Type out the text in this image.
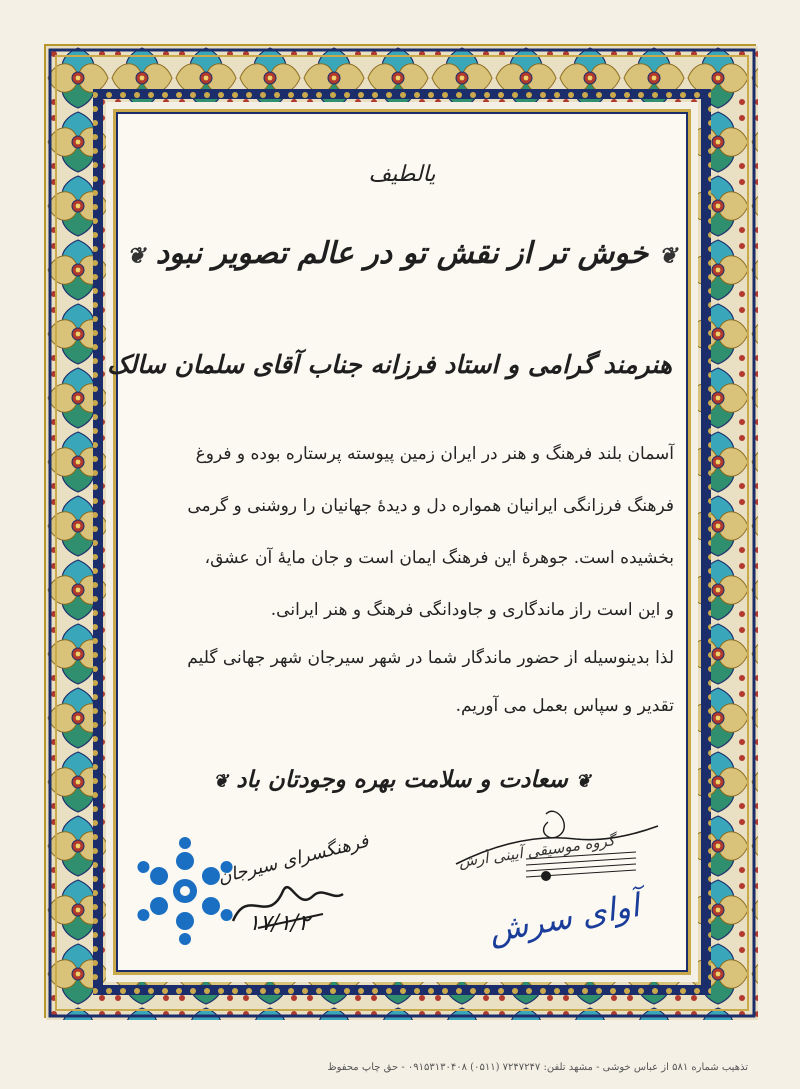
یالطیف
❦ خوش تر از نقش تو در عالم تصویر نبود ❦
هنرمند گرامی و استاد فرزانه جناب آقای سلمان سالک
آسمان بلند فرهنگ و هنر در ایران زمین پیوسته پرستاره بوده و فروغ
فرهنگ فرزانگی ایرانیان همواره دل و دیدهٔ جهانیان را روشنی و گرمی
بخشیده است. جوهرهٔ این فرهنگ ایمان است و جان مایهٔ آن عشق،
و این است راز ماندگاری و جاودانگی فرهنگ و هنر ایرانی.
لذا بدینوسیله از حضور ماندگار شما در شهر سیرجان شهر جهانی گلیم
تقدیر و سپاس بعمل می آوریم.
❦ سعادت و سلامت بهره وجودتان باد ❦
فرهنگسرای سیرجان
۱۷/۱/۲
گروه موسیقی آیینی آرش
آوای سرش
تذهیب شماره ۵۸۱ از عباس خوشی - مشهد تلفن: ۷۲۴۷۲۴۷ (۰۵۱۱) ۰۹۱۵۳۱۳۰۴۰۸ - حق چاپ محفوظ
